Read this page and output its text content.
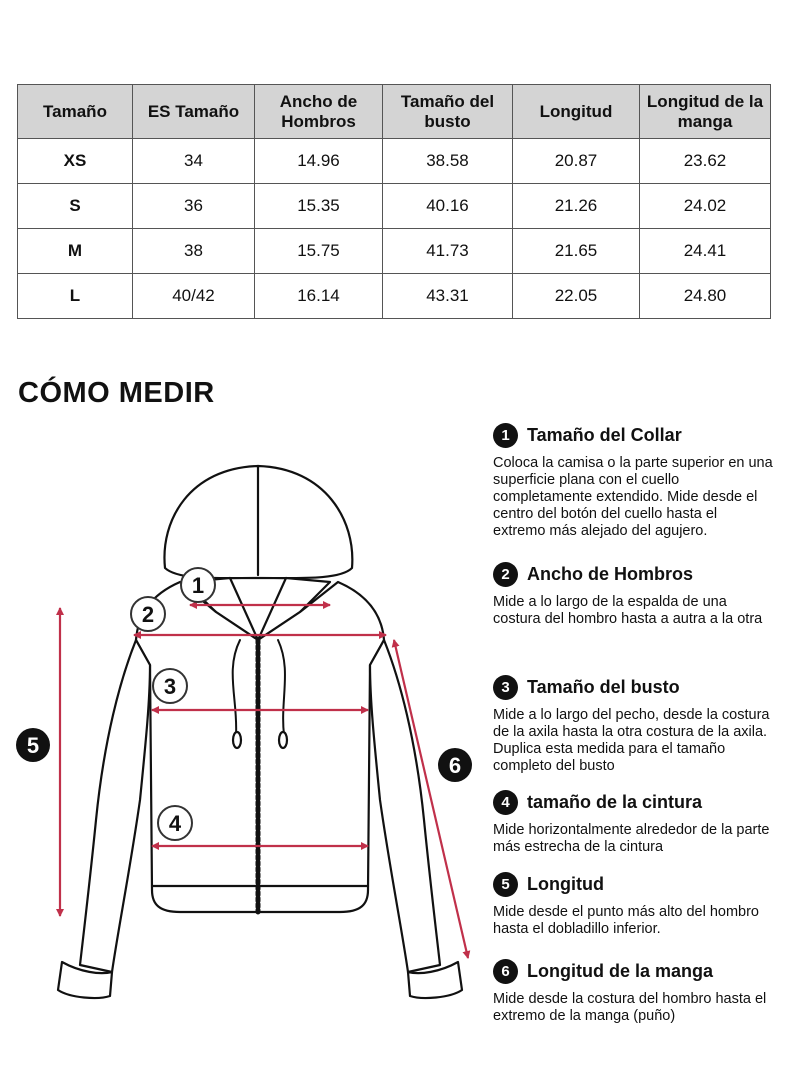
Tamaño	ES Tamaño	Ancho de Hombros	Tamaño del busto	Longitud	Longitud de la manga
XS	34	14.96	38.58	20.87	23.62
S	36	15.35	40.16	21.26	24.02
M	38	15.75	41.73	21.65	24.41
L	40/42	16.14	43.31	22.05	24.80
CÓMO MEDIR
1
2
3
4
5
6
1 Tamaño del Collar
Coloca la camisa o la parte superior en una superficie plana con el cuello completamente extendido. Mide desde el centro del botón del cuello hasta el extremo más alejado del agujero.
2 Ancho de Hombros
Mide a lo largo de la espalda de una costura del hombro hasta a autra a la otra
3 Tamaño del busto
Mide a lo largo del pecho, desde la costura de la axila hasta la otra costura de la axila. Duplica esta medida para el tamaño completo del busto
4 tamaño de la cintura
Mide horizontalmente alrededor de la parte más estrecha de la cintura
5 Longitud
Mide desde el punto más alto del hombro hasta el dobladillo inferior.
6 Longitud de la manga
Mide desde la costura del hombro hasta el extremo de la manga (puño)
